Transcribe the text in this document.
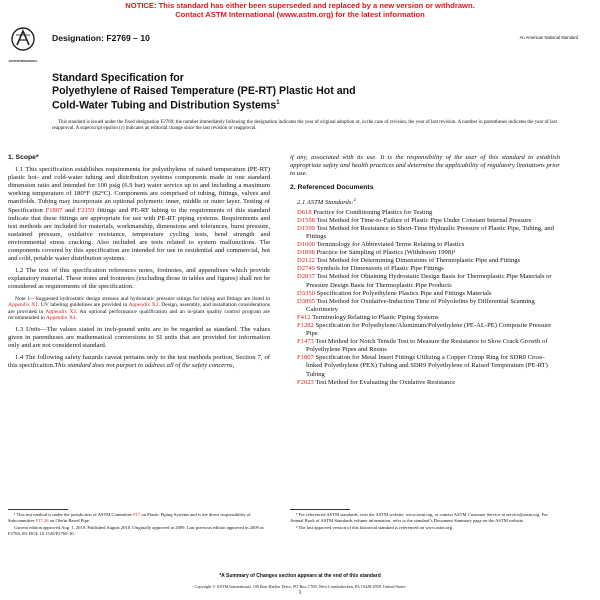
NOTICE: This standard has either been superseded and replaced by a new version or withdrawn.
Contact ASTM International (www.astm.org) for the latest information
ASTM INTERNATIONAL
Designation: F2769 – 10	An American National Standard
Standard Specification for
Polyethylene of Raised Temperature (PE-RT) Plastic Hot and
Cold-Water Tubing and Distribution Systems$^1$
This standard is issued under the fixed designation F2769; the number immediately following the designation indicates the year of original adoption or, in the case of revision, the year of last revision. A number in parentheses indicates the year of last reapproval. A superscript epsilon (ε) indicates an editorial change since the last revision or reapproval.
1. Scope*

1.1 This specification establishes requirements for polyethylene of raised temperature (PE-RT) plastic hot- and cold-water tubing and distribution systems components made in one standard dimension ratio and intended for 100 psig (6.9 bar) water service up to and including a maximum working temperature of 180°F (82°C). Components are comprised of tubing, fittings, valves and manifolds. Tubing may incorporate an optional polymeric inner, middle or outer layer. Testing of Specification F1807 and F2159 fittings and PE-RT tubing to the requirements of this standard indicate that these fittings are appropriate for use with PE-RT piping systems. Requirements and test methods are included for materials, workmanship, dimensions and tolerances, burst pressure, sustained pressure, oxidative resistance, temperature cycling tests, bend strength and environmental stress cracking. Also included are tests related to system malfunctions. The components covered by this specification are intended for use in residential and commercial, hot and cold, potable water distribution systems.

1.2 The text of this specification references notes, footnotes, and appendixes which provide explanatory material. These notes and footnotes (excluding those in tables and figures) shall not be considered as requirements of the specification.

Note 1—Suggested hydrostatic design stresses and hydrostatic pressure ratings for tubing and fittings are listed in Appendix X1. UV labeling guidelines are provided in Appendix X2. Design, assembly, and installation considerations are provided in Appendix X3. An optional performance qualification and an in-plant quality control program are recommended in Appendix X4.

1.3 Units—The values stated in inch-pound units are to be regarded as standard. The values given in parentheses are mathematical conversions to SI units that are provided for information only and are not considered standard.

1.4 The following safety hazards caveat pertains only to the test methods portion, Section 7, of this specification.This standard does not purport to address all of the safety concerns,

if any, associated with its use. It is the responsibility of the user of this standard to establish appropriate safety and health practices and determine the applicability of regulatory limitations prior to use.

2. Referenced Documents

2.1 ASTM Standards:$^2$

D618 Practice for Conditioning Plastics for Testing

D1598 Test Method for Time-to-Failure of Plastic Pipe Under Constant Internal Pressure

D1599 Test Method for Resistance to Short-Time Hydraulic Pressure of Plastic Pipe, Tubing, and Fittings

D1600 Terminology for Abbreviated Terms Relating to Plastics

D1898 Practice for Sampling of Plastics (Withdrawn 1998)³

D2122 Test Method for Determining Dimensions of Thermoplastic Pipe and Fittings

D2749 Symbols for Dimensions of Plastic Pipe Fittings

D2837 Test Method for Obtaining Hydrostatic Design Basis for Thermoplastic Pipe Materials or Pressure Design Basis for Thermoplastic Pipe Products

D3350 Specification for Polyethylene Plastics Pipe and Fittings Materials

D3895 Test Method for Oxidative-Induction Time of Polyolefins by Differential Scanning Calorimetry

F412 Terminology Relating to Plastic Piping Systems

F1282 Specification for Polyethylene/Aluminum/Polyethylene (PE-AL-PE) Composite Pressure Pipe

F1473 Test Method for Notch Tensile Test to Measure the Resistance to Slow Crack Growth of Polyethylene Pipes and Resins

F1807 Specification for Metal Insert Fittings Utilizing a Copper Crimp Ring for SDR9 Cross-linked Polyethylene (PEX) Tubing and SDR9 Polyethylene of Raised Temperature (PE-RT) Tubing

F2023 Test Method for Evaluating the Oxidative Resistance

¹ This test method is under the jurisdiction of ASTM Committee F17 on Plastic Piping Systems and is the direct responsibility of Subcommittee F17.26 on Olefin Based Pipe.

Current edition approved Aug. 1, 2010. Published August 2010. Originally approved in 2009. Last previous edition approved in 2009 as F2769–09. DOI: 10.1520/F2769-10.

² For referenced ASTM standards, visit the ASTM website, www.astm.org, or contact ASTM Customer Service at service@astm.org. For Annual Book of ASTM Standards volume information, refer to the standard’s Document Summary page on the ASTM website.

³ The last approved version of this historical standard is referenced on www.astm.org.

*A Summary of Changes section appears at the end of this standard
Copyright © ASTM International, 100 Barr Harbor Drive, PO Box C700, West Conshohocken, PA 19428-2959. United States
1
